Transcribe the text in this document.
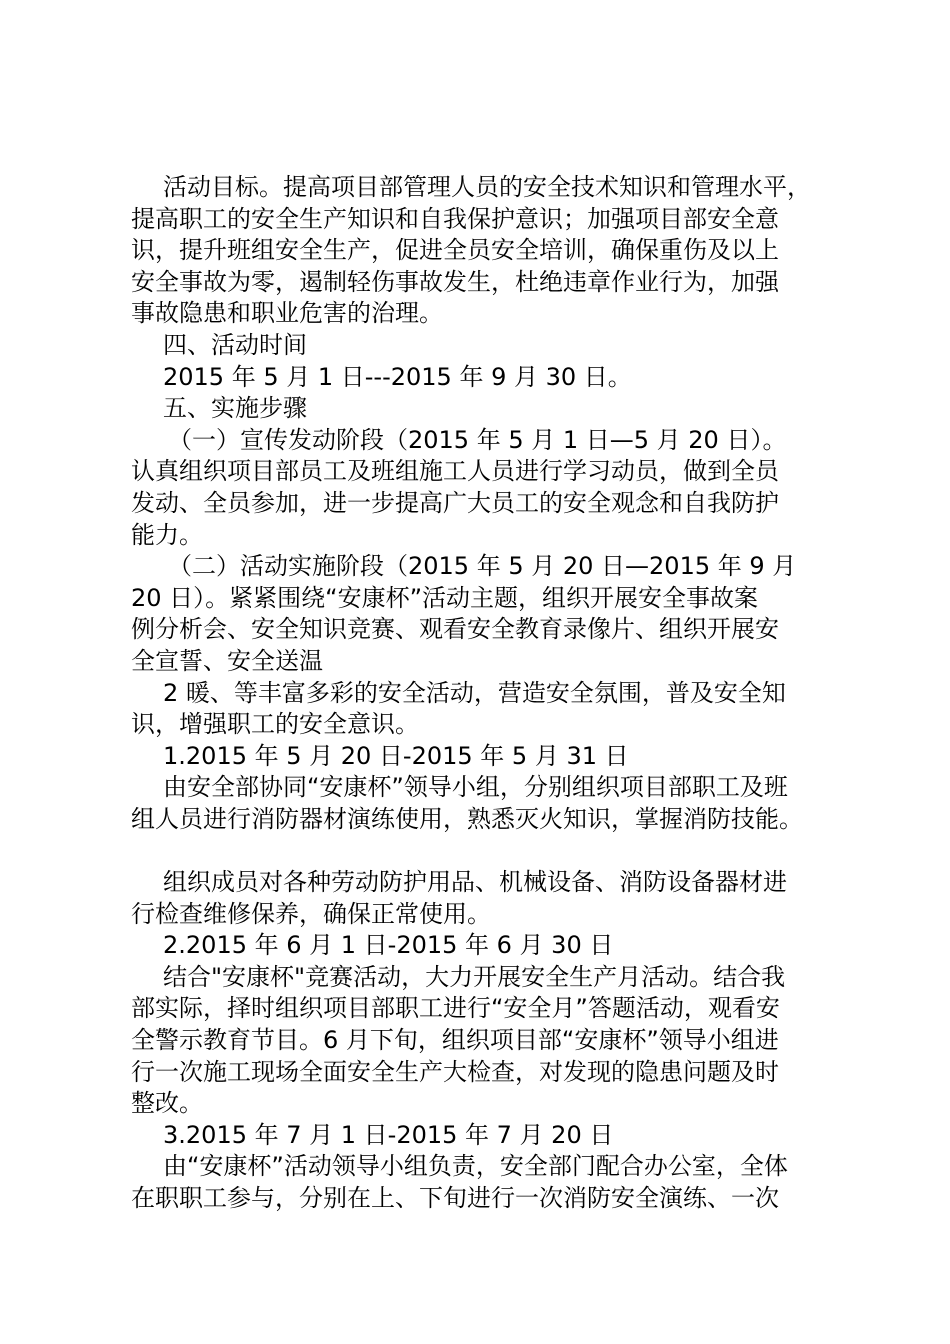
活动目标。提高项目部管理人员的安全技术知识和管理水平，
提高职工的安全生产知识和自我保护意识；加强项目部安全意
识，提升班组安全生产，促进全员安全培训，确保重伤及以上
安全事故为零，遏制轻伤事故发生，杜绝违章作业行为，加强
事故隐患和职业危害的治理。
四、活动时间
2015 年 5 月 1 日---2015 年 9 月 30 日。
五、实施步骤
（一）宣传发动阶段（2015 年 5 月 1 日—5 月 20 日）。
认真组织项目部员工及班组施工人员进行学习动员，做到全员
发动、全员参加，进一步提高广大员工的安全观念和自我防护
能力。
（二）活动实施阶段（2015 年 5 月 20 日—2015 年 9 月
20 日）。紧紧围绕“安康杯”活动主题，组织开展安全事故案
例分析会、安全知识竞赛、观看安全教育录像片、组织开展安
全宣誓、安全送温
2 暖、等丰富多彩的安全活动，营造安全氛围，普及安全知
识，增强职工的安全意识。
1.2015 年 5 月 20 日-2015 年 5 月 31 日
由安全部协同“安康杯”领导小组，分别组织项目部职工及班
组人员进行消防器材演练使用，熟悉灭火知识，掌握消防技能。
组织成员对各种劳动防护用品、机械设备、消防设备器材进
行检查维修保养，确保正常使用。
2.2015 年 6 月 1 日-2015 年 6 月 30 日
结合"安康杯"竞赛活动，大力开展安全生产月活动。结合我
部实际，择时组织项目部职工进行“安全月”答题活动，观看安
全警示教育节目。6 月下旬，组织项目部“安康杯”领导小组进
行一次施工现场全面安全生产大检查，对发现的隐患问题及时
整改。
3.2015 年 7 月 1 日-2015 年 7 月 20 日
由“安康杯”活动领导小组负责，安全部门配合办公室，全体
在职职工参与，分别在上、下旬进行一次消防安全演练、一次
